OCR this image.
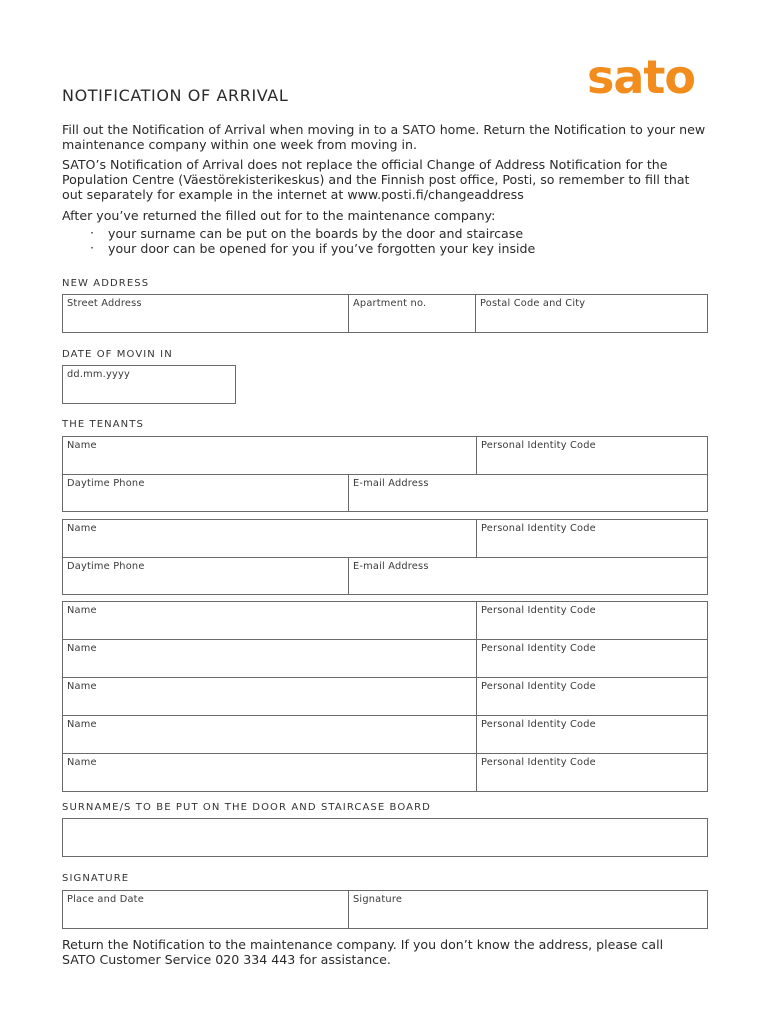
sato
NOTIFICATION OF ARRIVAL
Fill out the Notification of Arrival when moving in to a SATO home. Return the Notification to your new
maintenance company within one week from moving in.
SATO’s Notification of Arrival does not replace the official Change of Address Notification for the
Population Centre (Väestörekisterikeskus) and the Finnish post office, Posti, so remember to fill that
out separately for example in the internet at www.posti.fi/changeaddress
After you’ve returned the filled out for to the maintenance company:
· your surname can be put on the boards by the door and staircase
· your door can be opened for you if you’ve forgotten your key inside
NEW ADDRESS
Street Address	Apartment no.	Postal Code and City
DATE OF MOVIN IN
dd.mm.yyyy
THE TENANTS
Name	Personal Identity Code
Daytime Phone	E-mail Address
Name	Personal Identity Code
Daytime Phone	E-mail Address
Name	Personal Identity Code
Name	Personal Identity Code
Name	Personal Identity Code
Name	Personal Identity Code
Name	Personal Identity Code
SURNAME/S TO BE PUT ON THE DOOR AND STAIRCASE BOARD
SIGNATURE
Place and Date	Signature
Return the Notification to the maintenance company. If you don’t know the address, please call
SATO Customer Service 020 334 443 for assistance.
